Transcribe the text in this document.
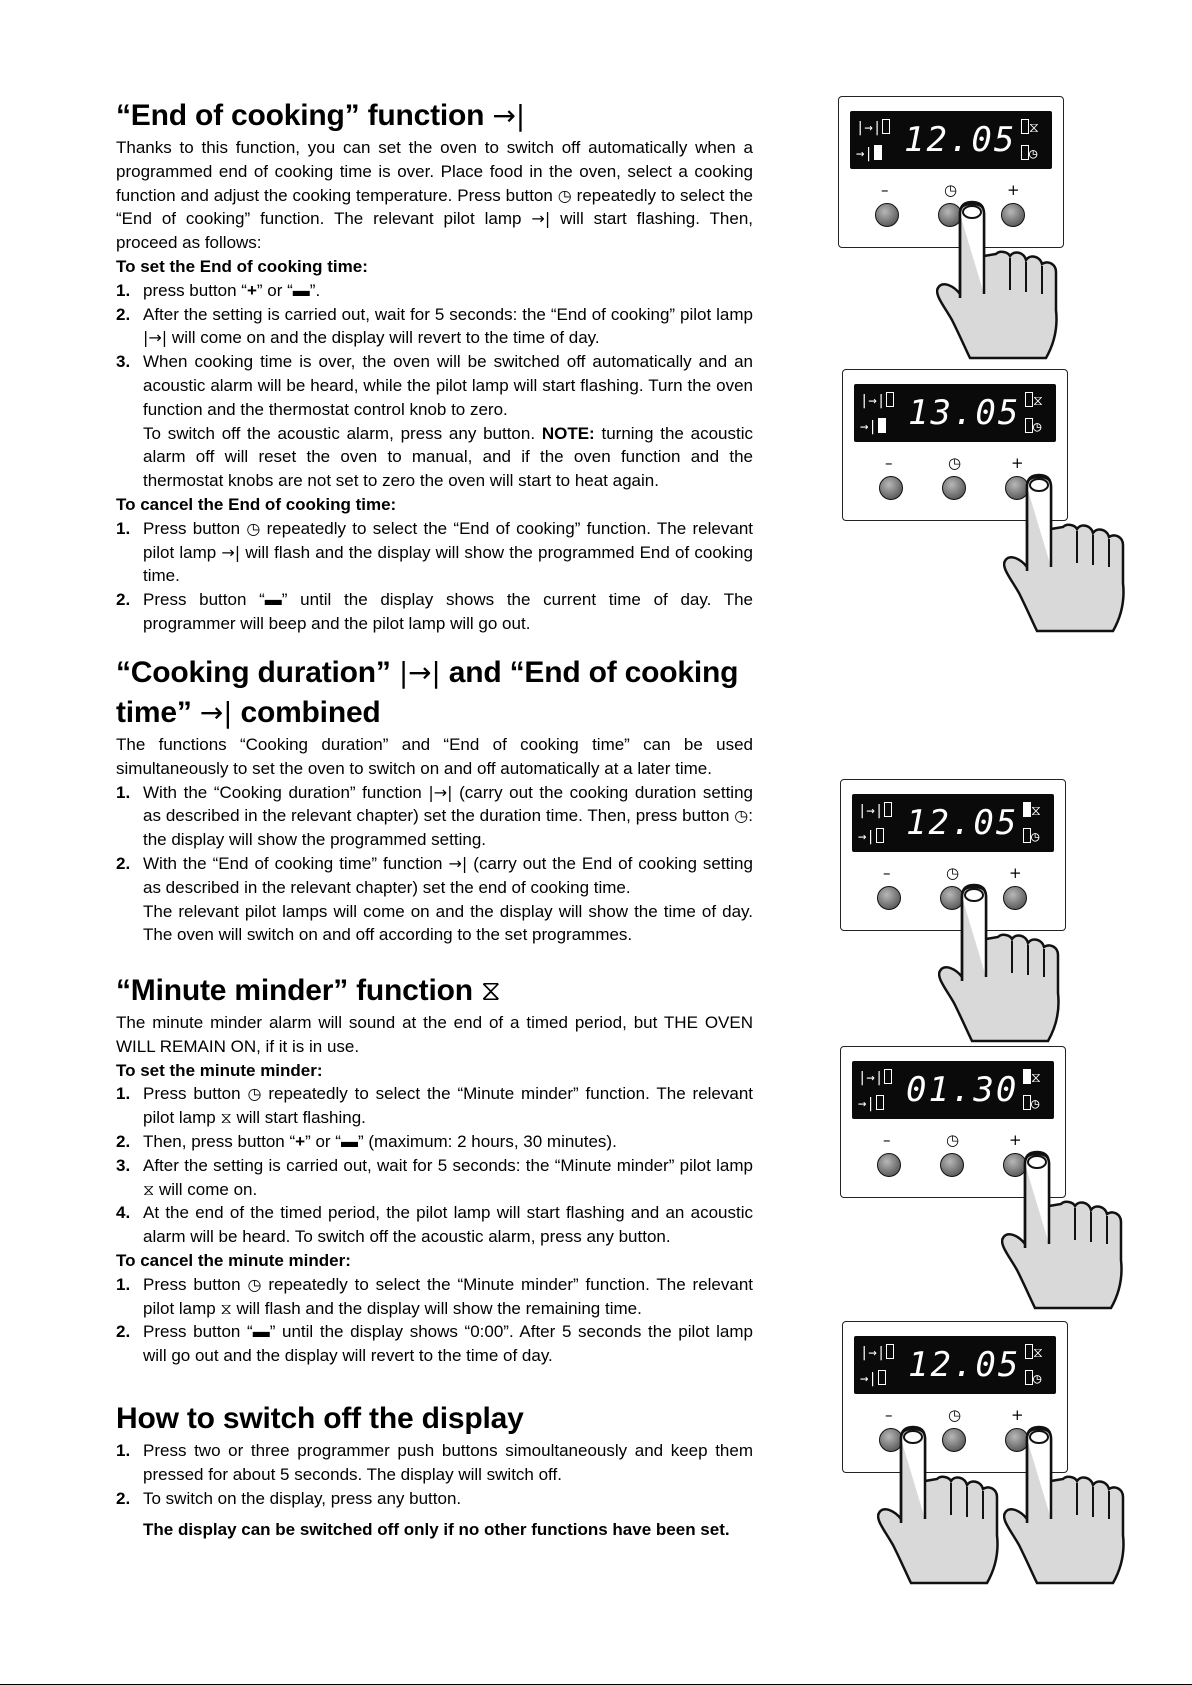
“End of cooking” function →|

Thanks to this function, you can set the oven to switch off automatically when a programmed end of cooking time is over. Place food in the oven, select a cooking function and adjust the cooking temperature. Press button ◷ repeatedly to select the “End of cooking” function. The relevant pilot lamp →| will start flashing. Then, proceed as follows:

To set the End of cooking time:
1. press button “+” or “▬”.
2. After the setting is carried out, wait for 5 seconds: the “End of cooking” pilot lamp |→| will come on and the display will revert to the time of day.
3. When cooking time is over, the oven will be switched off automatically and an acoustic alarm will be heard, while the pilot lamp will start flashing. Turn the oven function and the thermostat control knob to zero.
To switch off the acoustic alarm, press any button. NOTE: turning the acoustic alarm off will reset the oven to manual, and if the oven function and the thermostat knobs are not set to zero the oven will start to heat again.
To cancel the End of cooking time:
1. Press button ◷ repeatedly to select the “End of cooking” function. The relevant pilot lamp →| will flash and the display will show the programmed End of cooking time.
2. Press button “▬” until the display shows the current time of day. The programmer will beep and the pilot lamp will go out.
“Cooking duration” |→| and “End of cooking time” →| combined

The functions “Cooking duration” and “End of cooking time” can be used simultaneously to set the oven to switch on and off automatically at a later time.

1. With the “Cooking duration” function |→| (carry out the cooking duration setting as described in the relevant chapter) set the duration time. Then, press button ◷: the display will show the programmed setting.
2. With the “End of cooking time” function →| (carry out the End of cooking setting as described in the relevant chapter) set the end of cooking time.
The relevant pilot lamps will come on and the display will show the time of day. The oven will switch on and off according to the set programmes.
“Minute minder” function ⧖

The minute minder alarm will sound at the end of a timed period, but THE OVEN WILL REMAIN ON, if it is in use.

To set the minute minder:
1. Press button ◷ repeatedly to select the “Minute minder” function. The relevant pilot lamp ⧖ will start flashing.
2. Then, press button “+” or “▬” (maximum: 2 hours, 30 minutes).
3. After the setting is carried out, wait for 5 seconds: the “Minute minder” pilot lamp ⧖ will come on.
4. At the end of the timed period, the pilot lamp will start flashing and an acoustic alarm will be heard. To switch off the acoustic alarm, press any button.
To cancel the minute minder:
1. Press button ◷ repeatedly to select the “Minute minder” function. The relevant pilot lamp ⧖ will flash and the display will show the remaining time.
2. Press button “▬” until the display shows “0:00”. After 5 seconds the pilot lamp will go out and the display will revert to the time of day.
How to switch off the display
1. Press two or three programmer push buttons simoultaneously and keep them pressed for about 5 seconds. The display will switch off.
2. To switch on the display, press any button.
The display can be switched off only if no other functions have been set.
|→|
→|
⧖
◷
12.05
–	◷	+
|→|
→|
⧖
◷
13.05
–	◷	+
|→|
→|
⧖
◷
12.05
–	◷	+
|→|
→|
⧖
◷
01.30
–	◷	+
|→|
→|
⧖
◷
12.05
–	◷	+
